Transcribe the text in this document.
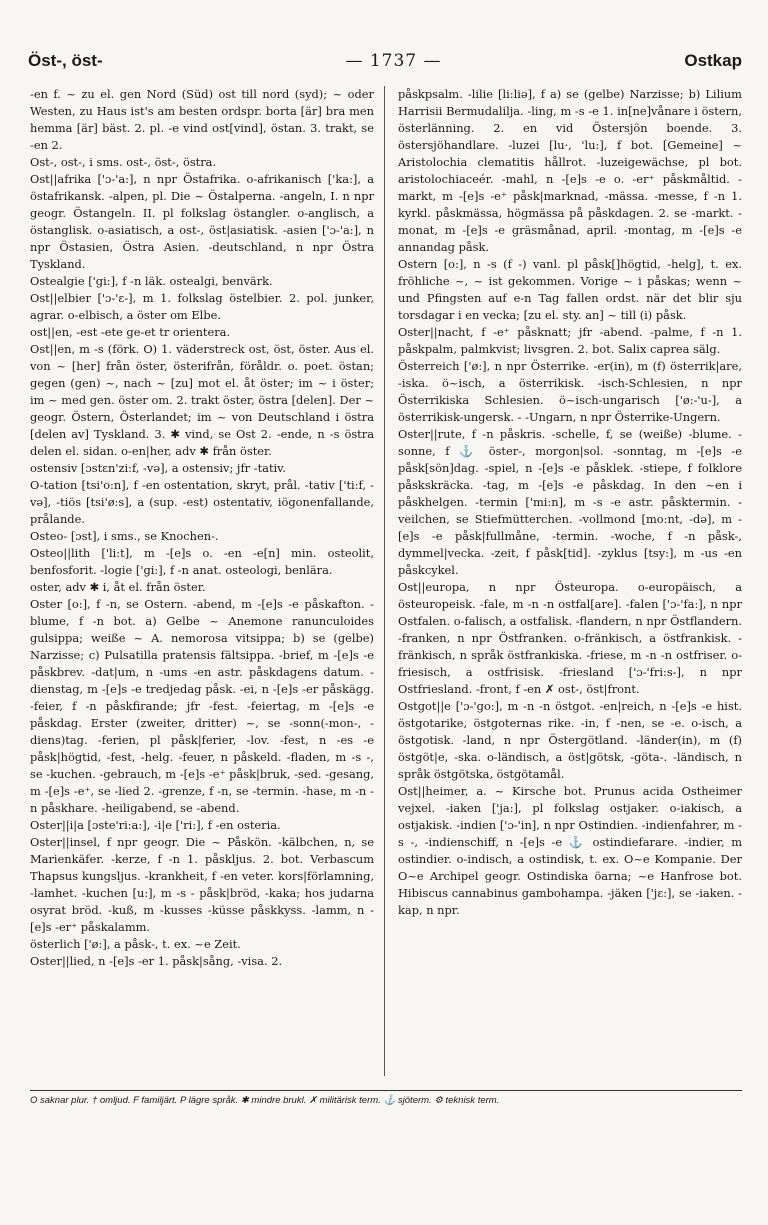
Öst-, öst-	— 1737 —	Ostkap

-en f. ~ zu el. gen Nord (Süd) ost till nord (syd); ~ oder Westen, zu Haus ist's am besten ordspr. borta [är] bra men hemma [är] bäst. 2. pl. -e vind ost[vind], östan. 3. trakt, se -en 2.

Ost-, ost-, i sms. ost-, öst-, östra.

Ost||afrika ['ɔ-'a:], n npr Östafrika. o-afrikanisch ['ka:], a östafrikansk. -alpen, pl. Die ~ Östalperna. -angeln, I. n npr geogr. Östangeln. II. pl folkslag östangler. o-anglisch, a östanglisk. o-asiatisch, a ost-, öst|asiatisk. -asien ['ɔ-'a:], n npr Östasien, Östra Asien. -deutschland, n npr Östra Tyskland.

Ostealgie ['gi:], f -n läk. ostealgi, benvärk.

Ost||elbier ['ɔ-'ɛ-], m 1. folkslag östelbier. 2. pol. junker, agrar. o-elbisch, a öster om Elbe.

ost||en, -est -ete ge-et tr orientera.

Ost||en, m -s (förk. O) 1. väderstreck ost, öst, öster. Aus el. von ~ [her] från öster, österifrån, föråldr. o. poet. östan; gegen (gen) ~, nach ~ [zu] mot el. åt öster; im ~ i öster; im ~ med gen. öster om. 2. trakt öster, östra [delen]. Der ~ geogr. Östern, Österlandet; im ~ von Deutschland i östra [delen av] Tyskland. 3. ✱ vind, se Ost 2. -ende, n -s östra delen el. sidan. o-en|her, adv ✱ från öster.

ostensiv [ɔstɛn'zi:f, -və], a ostensiv; jfr -tativ.

O-tation [tsi'o:n], f -en ostentation, skryt, prål. -tativ ['ti:f, -və], -tiös [tsi'ø:s], a (sup. -est) ostentativ, iögonenfallande, prålande.

Osteo- [ɔst], i sms., se Knochen-.

Osteo||lith ['li:t], m -[e]s o. -en -e[n] min. osteolit, benfosforit. -logie ['gi:], f -n anat. osteologi, benlära.

oster, adv ✱ i, åt el. från öster.

Oster [o:], f -n, se Ostern. -abend, m -[e]s -e påskafton. -blume, f -n bot. a) Gelbe ~ Anemone ranunculoides gulsippa; weiße ~ A. nemorosa vitsippa; b) se (gelbe) Narzisse; c) Pulsatilla pratensis fältsippa. -brief, m -[e]s -e påskbrev. -dat|um, n -ums -en astr. påskdagens datum. -dienstag, m -[e]s -e tredjedag påsk. -ei, n -[e]s -er påskägg. -feier, f -n påskfirande; jfr -fest. -feiertag, m -[e]s -e påskdag. Erster (zweiter, dritter) ~, se -sonn(-mon-, -diens)tag. -ferien, pl påsk|ferier, -lov. -fest, n -es -e påsk|högtid, -fest, -helg. -feuer, n påskeld. -fladen, m -s -, se -kuchen. -gebrauch, m -[e]s -e⁺ påsk|bruk, -sed. -gesang, m -[e]s -e⁺, se -lied 2. -grenze, f -n, se -termin. -hase, m -n -n påskhare. -heiligabend, se -abend.

Oster||i|a [ɔste'ri:a:], -i|e ['ri:], f -en osteria.

Oster||insel, f npr geogr. Die ~ Påskön. -kälbchen, n, se Marienkäfer. -kerze, f -n 1. påskljus. 2. bot. Verbascum Thapsus kungsljus. -krankheit, f -en veter. kors|förlamning, -lamhet. -kuchen [u:], m -s - påsk|bröd, -kaka; hos judarna osyrat bröd. -kuß, m -kusses -küsse påskkyss. -lamm, n -[e]s -er⁺ påskalamm.

österlich ['ø:], a påsk-, t. ex. ~e Zeit.

Oster||lied, n -[e]s -er 1. påsk|sång, -visa. 2.

påskpsalm. -lilie [li:liə], f a) se (gelbe) Narzisse; b) Lilium Harrisii Bermudalilja. -ling, m -s -e 1. in[ne]vånare i östern, österlänning. 2. en vid Östersjön boende. 3. östersjöhandlare. -luzei [lu·, 'lu:], f bot. [Gemeine] ~ Aristolochia clematitis hållrot. -luzeigewächse, pl bot. aristolochiaceér. -mahl, n -[e]s -e o. -er⁺ påskmåltid. -markt, m -[e]s -e⁺ påsk|marknad, -mässa. -messe, f -n 1. kyrkl. påskmässa, högmässa på påskdagen. 2. se -markt. -monat, m -[e]s -e gräsmånad, april. -montag, m -[e]s -e annandag påsk.

Ostern [o:], n -s (f -) vanl. pl påsk[]högtid, -helg], t. ex. fröhliche ~, ~ ist gekommen. Vorige ~ i påskas; wenn ~ und Pfingsten auf e-n Tag fallen ordst. när det blir sju torsdagar i en vecka; [zu el. sty. an] ~ till (i) påsk.

Oster||nacht, f -e⁺ påsknatt; jfr -abend. -palme, f -n 1. påskpalm, palmkvist; livsgren. 2. bot. Salix caprea sälg.

Österreich ['ø:], n npr Österrike. -er(in), m (f) österrik|are, -iska. ö~isch, a österrikisk. -isch-Schlesien, n npr Österrikiska Schlesien. ö~isch-ungarisch ['ø:-'u-], a österrikisk-ungersk. - -Ungarn, n npr Österrike-Ungern.

Oster||rute, f -n påskris. -schelle, f, se (weiße) -blume. -sonne, f ⚓ öster-, morgon|sol. -sonntag, m -[e]s -e påsk[sön]dag. -spiel, n -[e]s -e påsklek. -stiepe, f folklore påskskräcka. -tag, m -[e]s -e påskdag. In den ~en i påskhelgen. -termin ['mi:n], m -s -e astr. påsktermin. -veilchen, se Stiefmütterchen. -vollmond [mo:nt, -də], m -[e]s -e påsk|fullmåne, -termin. -woche, f -n påsk-, dymmel|vecka. -zeit, f påsk[tid]. -zyklus [tsy:], m -us -en påskcykel.

Ost||europa, n npr Östeuropa. o-europäisch, a östeuropeisk. -fale, m -n -n ostfal[are]. -falen ['ɔ-'fa:], n npr Ostfalen. o-falisch, a ostfalisk. -flandern, n npr Östflandern. -franken, n npr Östfranken. o-fränkisch, a östfrankisk. -fränkisch, n språk östfrankiska. -friese, m -n -n ostfriser. o-friesisch, a ostfrisisk. -friesland ['ɔ-'fri:s-], n npr Ostfriesland. -front, f -en ✗ ost-, öst|front.

Ostgot||e ['ɔ-'go:], m -n -n östgot. -en|reich, n -[e]s -e hist. östgotarike, östgoternas rike. -in, f -nen, se -e. o-isch, a östgotisk. -land, n npr Östergötland. -länder(in), m (f) östgöt|e, -ska. o-ländisch, a öst|götsk, -göta-. -ländisch, n språk östgötska, östgötamål.

Ost||heimer, a. ~ Kirsche bot. Prunus acida Ostheimer vejxel. -iaken ['ja:], pl folkslag ostjaker. o-iakisch, a ostjakisk. -indien ['ɔ-'in], n npr Ostindien. -indienfahrer, m -s -, -indienschiff, n -[e]s -e ⚓ ostindiefarare. -indier, m ostindier. o-indisch, a ostindisk, t. ex. O~e Kompanie. Der O~e Archipel geogr. Ostindiska öarna; ~e Hanfrose bot. Hibiscus cannabinus gambohampa. -jäken ['jɛ:], se -iaken. -kap, n npr.

O saknar plur. † omljud. F familjärt. P lägre språk. ✱ mindre brukl. ✗ militärisk term. ⚓ sjöterm. ⚙ teknisk term.
